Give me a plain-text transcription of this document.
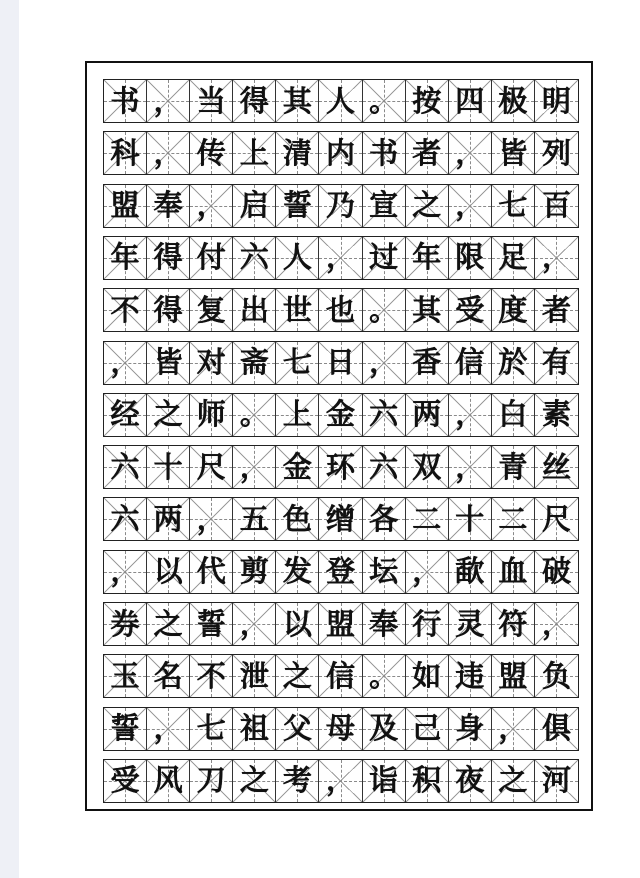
书 ， 当 得 其 人 。 按 四 极 明
科 ， 传 上 清 内 书 者 ， 皆 列
盟 奉 ， 启 誓 乃 宣 之 ， 七 百
年 得 付 六 人 ， 过 年 限 足 ，
不 得 复 出 世 也 。 其 受 度 者
， 皆 对 斋 七 日 ， 香 信 於 有
经 之 师 。 上 金 六 两 ， 白 素
六 十 尺 ， 金 环 六 双 ， 青 丝
六 两 ， 五 色 缯 各 二 十 二 尺
， 以 代 剪 发 登 坛 ， 歃 血 破
券 之 誓 ， 以 盟 奉 行 灵 符 ，
玉 名 不 泄 之 信 。 如 违 盟 负
誓 ， 七 祖 父 母 及 己 身 ， 俱
受 风 刀 之 考 ， 诣 积 夜 之 河
